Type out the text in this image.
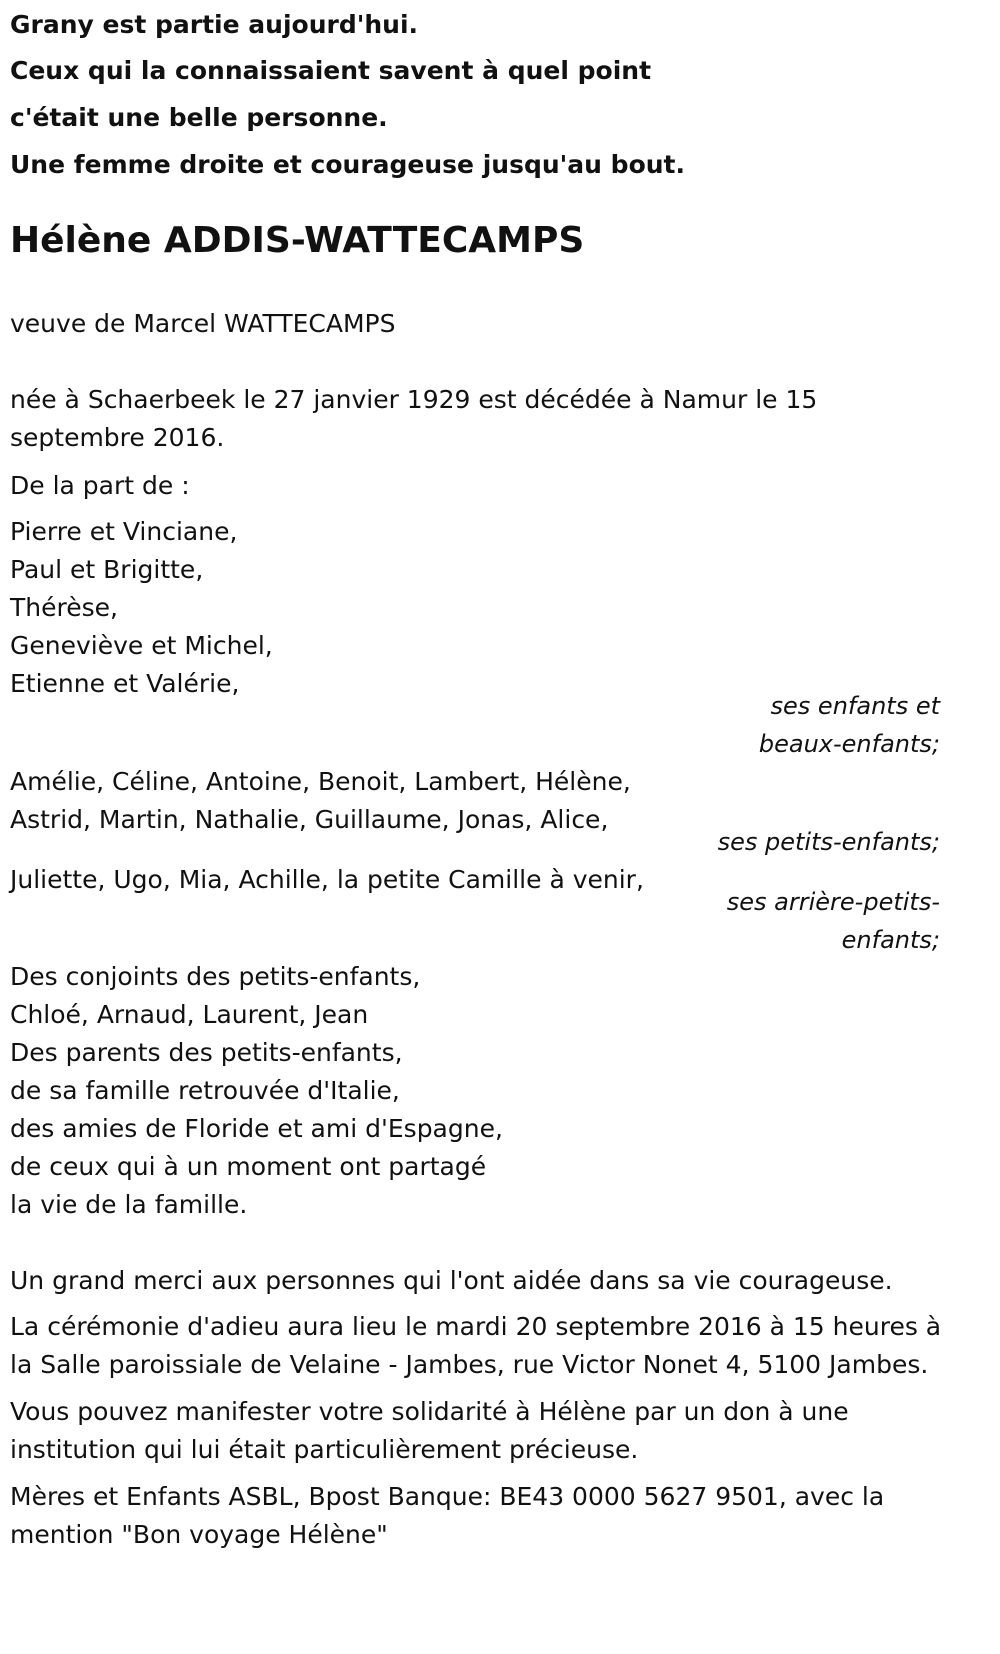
Grany est partie aujourd'hui.
Ceux qui la connaissaient savent à quel point
c'était une belle personne.
Une femme droite et courageuse jusqu'au bout.
Hélène ADDIS-WATTECAMPS
veuve de Marcel WATTECAMPS
née à Schaerbeek le 27 janvier 1929 est décédée à Namur le 15
septembre 2016.
De la part de :
Pierre et Vinciane,
Paul et Brigitte,
Thérèse,
Geneviève et Michel,
Etienne et Valérie,
ses enfants et
beaux-enfants;
Amélie, Céline, Antoine, Benoit, Lambert, Hélène,
Astrid, Martin, Nathalie, Guillaume, Jonas, Alice,
ses petits-enfants;
Juliette, Ugo, Mia, Achille, la petite Camille à venir,
ses arrière-petits-
enfants;
Des conjoints des petits-enfants,
Chloé, Arnaud, Laurent, Jean
Des parents des petits-enfants,
de sa famille retrouvée d'Italie,
des amies de Floride et ami d'Espagne,
de ceux qui à un moment ont partagé
la vie de la famille.
Un grand merci aux personnes qui l'ont aidée dans sa vie courageuse.
La cérémonie d'adieu aura lieu le mardi 20 septembre 2016 à 15 heures à
la Salle paroissiale de Velaine - Jambes, rue Victor Nonet 4, 5100 Jambes.
Vous pouvez manifester votre solidarité à Hélène par un don à une
institution qui lui était particulièrement précieuse.
Mères et Enfants ASBL, Bpost Banque: BE43 0000 5627 9501, avec la
mention "Bon voyage Hélène"
